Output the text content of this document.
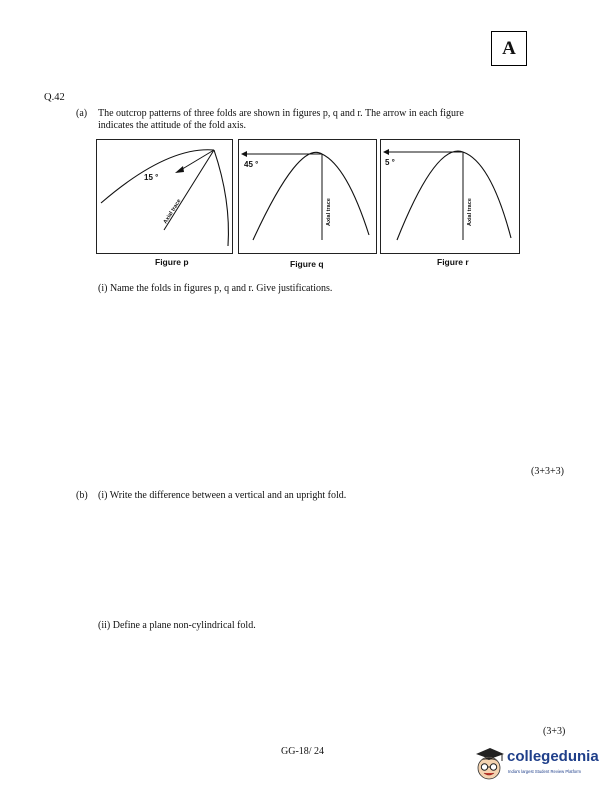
A
Q.42
(a) The outcrop patterns of three folds are shown in figures p, q and r. The arrow in each figure
indicates the attitude of the fold axis.
15 °
Axial trace
Figure p
45 °
Axial trace
Figure q
5 °
Axial trace
Figure r
(i) Name the folds in figures p, q and r. Give justifications.
(3+3+3)
(b) (i) Write the difference between a vertical and an upright fold.
(ii) Define a plane non-cylindrical fold.
(3+3)
GG-18/ 24	collegedunia
India's largest Student Review Platform
